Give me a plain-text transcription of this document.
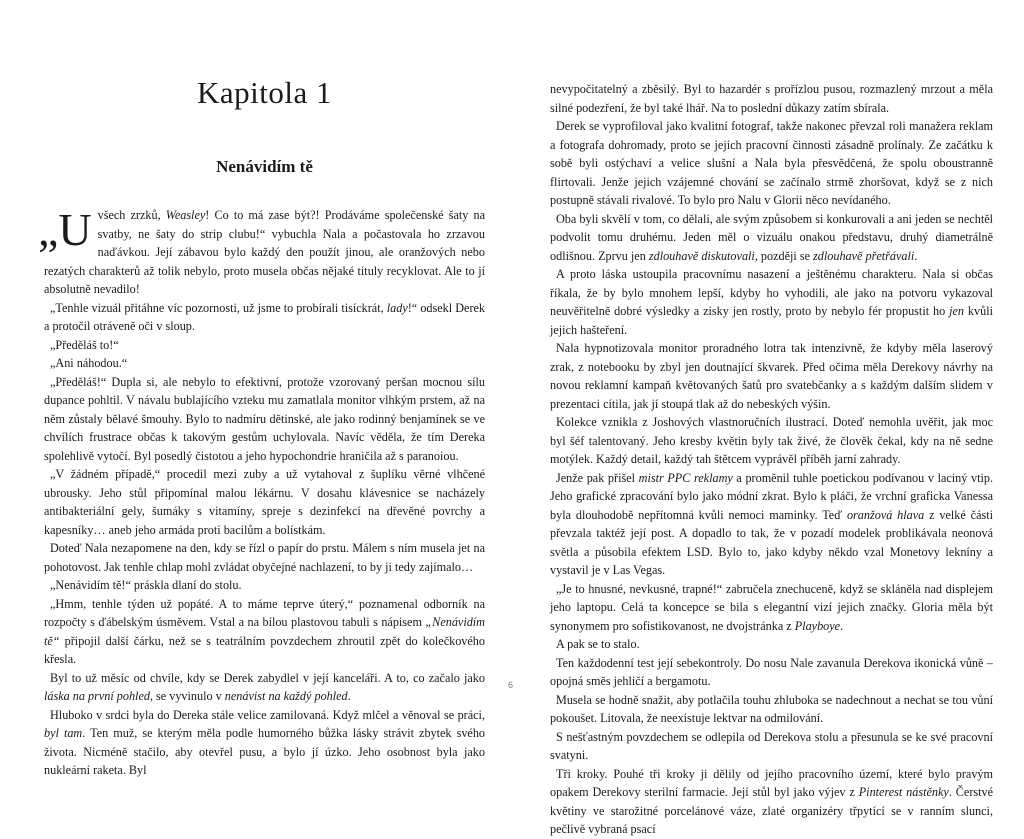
Kapitola 1
Nenávidím tě
„U všech zrzků, Weasley! Co to má zase být?! Prodáváme společenské šaty na svatby, ne šaty do strip clubu!“ vybuchla Nala a počastovala ho zrzavou naďávkou. Její zábavou bylo každý den použít jinou, ale oranžových nebo rezatých charakterů až tolik nebylo, proto musela občas nějaké tituly recyklovat. Ale to jí absolutně nevadilo!

„Tenhle vizuál přitáhne víc pozornosti, už jsme to probírali tisíckrát, lady!“ odsekl Derek a protočil otráveně oči v sloup.

„Předěláš to!“

„Ani náhodou.“

„Předěláš!“ Dupla si, ale nebylo to efektivní, protože vzorovaný peršan mocnou sílu dupance pohltil. V návalu bublajícího vzteku mu zamatlala monitor vlhkým prstem, až na něm zůstaly bělavé šmouhy. Bylo to nadmíru dětinské, ale jako rodinný benjamínek se ve chvílích frustrace občas k takovým gestům uchylovala. Navíc věděla, že tím Dereka spolehlivě vytočí. Byl posedlý čistotou a jeho hypochondrie hraničila až s paranoiou.

„V žádném případě,“ procedil mezi zuby a už vytahoval z šuplíku věrné vlhčené ubrousky. Jeho stůl připomínal malou lékárnu. V dosahu klávesnice se nacházely antibakteriální gely, šumáky s vitamíny, spreje s dezinfekcí na dřevěné povrchy a kapesníky… aneb jeho armáda proti bacilům a bolístkám.

Doteď Nala nezapomene na den, kdy se řízl o papír do prstu. Málem s ním musela jet na pohotovost. Jak tenhle chlap mohl zvládat obyčejné nachlazení, to by ji tedy zajímalo…

„Nenávidím tě!“ práskla dlaní do stolu.

„Hmm, tenhle týden už popáté. A to máme teprve úterý,“ poznamenal odborník na rozpočty s ďábelským úsměvem. Vstal a na bílou plastovou tabuli s nápisem „Nenávidím tě“ připojil další čárku, než se s teatrálním povzdechem zhroutil zpět do kolečkového křesla.

Byl to už měsíc od chvíle, kdy se Derek zabydlel v její kanceláři. A to, co začalo jako láska na první pohled, se vyvinulo v nenávist na každý pohled.

Hluboko v srdci byla do Dereka stále velice zamilovaná. Když mlčel a věnoval se práci, byl tam. Ten muž, se kterým měla podle humorného bůžka lásky strávit zbytek svého života. Nicméně stačilo, aby otevřel pusu, a bylo jí úzko. Jeho osobnost byla jako nukleární raketa. Byl

nevypočitatelný a zběsilý. Byl to hazardér s prořízlou pusou, rozmazlený mrzout a měla silné podezření, že byl také lhář. Na to poslední důkazy zatím sbírala.

Derek se vyprofiloval jako kvalitní fotograf, takže nakonec převzal roli manažera reklam a fotografa dohromady, proto se jejich pracovní činnosti zásadně prolínaly. Ze začátku k sobě byli ostýchaví a velice slušní a Nala byla přesvědčená, že spolu oboustranně flirtovali. Jenže jejich vzájemné chování se začínalo strmě zhoršovat, když se z nich postupně stávali rivalové. To bylo pro Nalu v Glorii něco nevídaného.

Oba byli skvělí v tom, co dělali, ale svým způsobem si konkurovali a ani jeden se nechtěl podvolit tomu druhému. Jeden měl o vizuálu onakou představu, druhý diametrálně odlišnou. Zprvu jen zdlouhavě diskutovali, později se zdlouhavě přetřávali.

A proto láska ustoupila pracovnímu nasazení a ještěnému charakteru. Nala si občas říkala, že by bylo mnohem lepší, kdyby ho vyhodili, ale jako na potvoru vykazoval neuvěřitelně dobré výsledky a zisky jen rostly, proto by nebylo fér propustit ho jen kvůli jejich hašteření.

Nala hypnotizovala monitor proradného lotra tak intenzivně, že kdyby měla laserový zrak, z notebooku by zbyl jen doutnající škvarek. Před očima měla Derekovy návrhy na novou reklamní kampaň květovaných šatů pro svatebčanky a s každým dalším slidem v prezentaci cítila, jak jí stoupá tlak až do nebeských výšin.

Kolekce vznikla z Joshových vlastnoručních ilustrací. Doteď nemohla uvěřit, jak moc byl šéf talentovaný. Jeho kresby květin byly tak živé, že člověk čekal, kdy na ně sedne motýlek. Každý detail, každý tah štětcem vyprávěl příběh jarní zahrady.

Jenže pak přišel mistr PPC reklamy a proměnil tuhle poetickou podívanou v laciný vtip. Jeho grafické zpracování bylo jako módní zkrat. Bylo k pláči, že vrchní graficka Vanessa byla dlouhodobě nepřítomná kvůli nemoci maminky. Teď oranžová hlava z velké části převzala taktéž její post. A dopadlo to tak, že v pozadí modelek problikávala neonová světla a působila efektem LSD. Bylo to, jako kdyby někdo vzal Monetovy lekníny a vystavil je v Las Vegas.

„Je to hnusné, nevkusné, trapné!“ zabručela znechuceně, když se skláněla nad displejem jeho laptopu. Celá ta koncepce se bila s elegantní vizí jejich značky. Gloria měla být synonymem pro sofistikovanost, ne dvojstránka z Playboye.

A pak se to stalo.

Ten každodenní test její sebekontroly. Do nosu Nale zavanula Derekova ikonická vůně – opojná směs jehličí a bergamotu.

Musela se hodně snažit, aby potlačila touhu zhluboka se nadechnout a nechat se tou vůní pokoušet. Litovala, že neexistuje lektvar na odmilování.

S nešťastným povzdechem se odlepila od Derekova stolu a přesunula se ke své pracovní svatyni.

Tři kroky. Pouhé tři kroky ji dělily od jejího pracovního území, které bylo pravým opakem Derekovy sterilní farmacie. Její stůl byl jako výjev z Pinterest nástěnky. Čerstvé květiny ve starožitné porcelánové váze, zlaté organizéry třpytící se v ranním slunci, pečlivě vybraná psací

6
